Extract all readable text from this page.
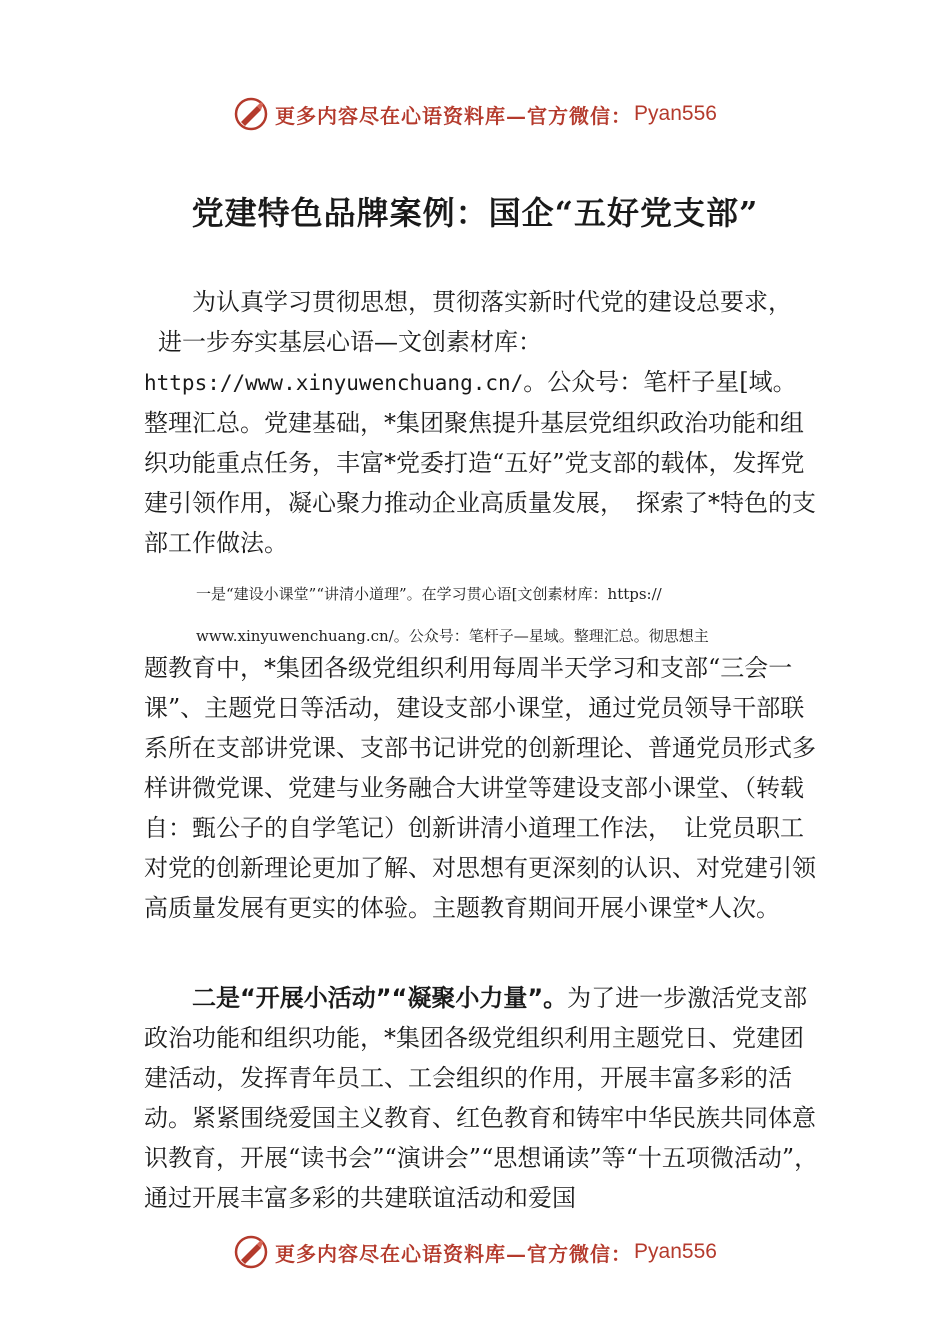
更多内容尽在心语资料库—官方微信： Pyan556
党建特色品牌案例：国企“五好党支部”
为认真学习贯彻思想，贯彻落实新时代党的建设总要求，
进一步夯实基层心语—文创素材库：
https://www.xinyuwenchuang.cn/。公众号：笔杆子星[域。
整理汇总。党建基础，*集团聚焦提升基层党组织政治功能和组织功能重点任务，丰富*党委打造“五好”党支部的载体，发挥党建引领作用，凝心聚力推动企业高质量发展，　探索了*特色的支部工作做法。
一是“建设小课堂”“讲清小道理”。在学习贯心语[文创素材库：https://
www.xinyuwenchuang.cn/。公众号：笔杆子—星域。整理汇总。彻思想主

题教育中，*集团各级党组织利用每周半天学习和支部“三会一课”、主题党日等活动，建设支部小课堂，通过党员领导干部联系所在支部讲党课、支部书记讲党的创新理论、普通党员形式多样讲微党课、党建与业务融合大讲堂等建设支部小课堂、（转载自：甄公子的自学笔记）创新讲清小道理工作法，　让党员职工对党的创新理论更加了解、对思想有更深刻的认识、对党建引领高质量发展有更实的体验。主题教育期间开展小课堂*人次。

二是“开展小活动”“凝聚小力量”。为了进一步激活党支部政治功能和组织功能，*集团各级党组织利用主题党日、党建团建活动，发挥青年员工、工会组织的作用，开展丰富多彩的活动。紧紧围绕爱国主义教育、红色教育和铸牢中华民族共同体意识教育，开展“读书会”“演讲会”“思想诵读”等“十五项微活动”，通过开展丰富多彩的共建联谊活动和爱国

更多内容尽在心语资料库—官方微信： Pyan556
